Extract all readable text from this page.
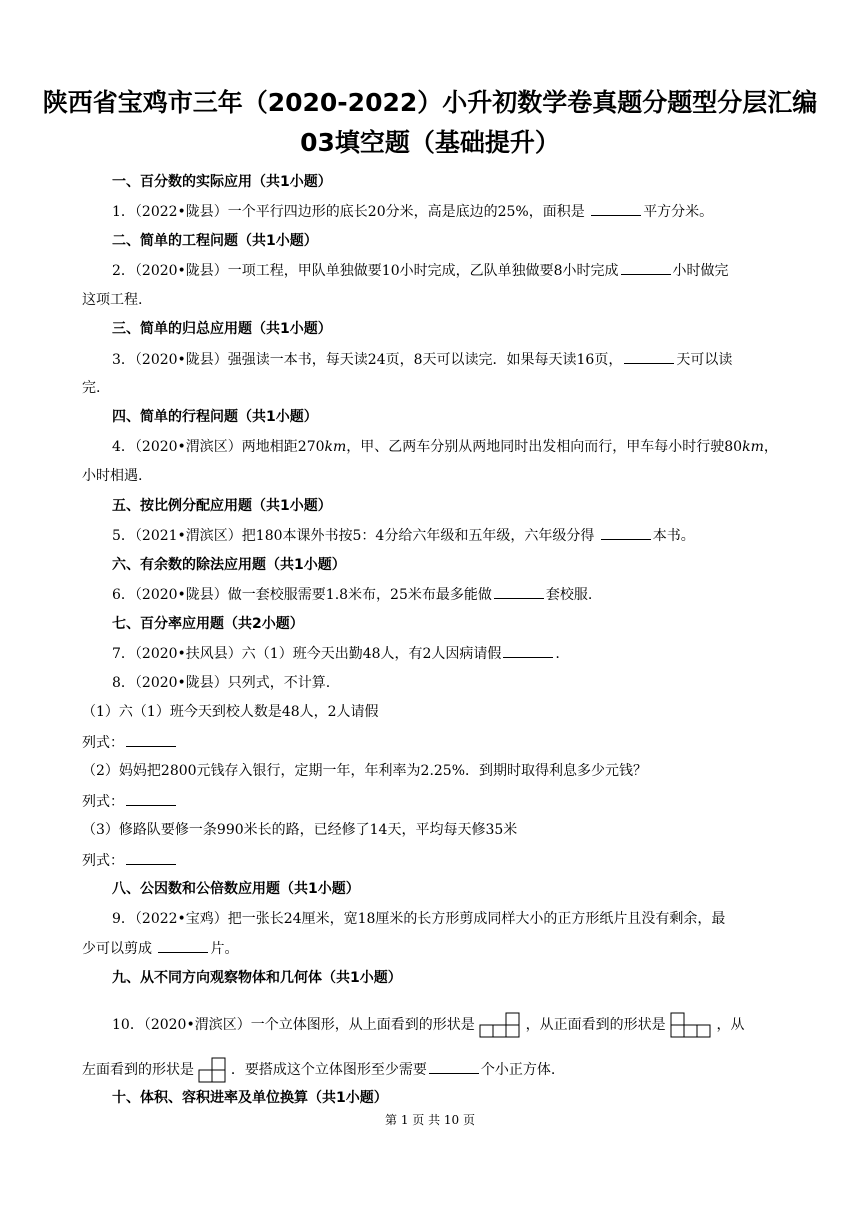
陕西省宝鸡市三年（2020-2022）小升初数学卷真题分题型分层汇编
03填空题（基础提升）
一、百分数的实际应用（共1小题）
1．（2022•陇县）一个平行四边形的底长20分米，高是底边的25%，面积是	平方分米。
二、简单的工程问题（共1小题）
2．（2020•陇县）一项工程，甲队单独做要10小时完成，乙队单独做要8小时完成	小时做完
这项工程.
三、简单的归总应用题（共1小题）
3．（2020•陇县）强强读一本书，每天读24页，8天可以读完．如果每天读16页，	天可以读
完.
四、简单的行程问题（共1小题）
4．（2020•渭滨区）两地相距270km，甲、乙两车分别从两地同时出发相向而行，甲车每小时行驶80km，
小时相遇.
五、按比例分配应用题（共1小题）
5．（2021•渭滨区）把180本课外书按5：4分给六年级和五年级，六年级分得	本书。
六、有余数的除法应用题（共1小题）
6．（2020•陇县）做一套校服需要1.8米布，25米布最多能做	套校服.
七、百分率应用题（共2小题）
7．（2020•扶风县）六（1）班今天出勤48人，有2人因病请假	.
8．（2020•陇县）只列式，不计算.
（1）六（1）班今天到校人数是48人，2人请假
列式：
（2）妈妈把2800元钱存入银行，定期一年，年利率为2.25%．到期时取得利息多少元钱？
列式：
（3）修路队要修一条990米长的路，已经修了14天，平均每天修35米
列式：
八、公因数和公倍数应用题（共1小题）
9．（2022•宝鸡）把一张长24厘米，宽18厘米的长方形剪成同样大小的正方形纸片且没有剩余，最
少可以剪成	片。
九、从不同方向观察物体和几何体（共1小题）
10．（2020•渭滨区）一个立体图形，从上面看到的形状是	，从正面看到的形状是	，从
左面看到的形状是	．要搭成这个立体图形至少需要	个小正方体.
十、体积、容积进率及单位换算（共1小题）
第 1 页 共 10 页
